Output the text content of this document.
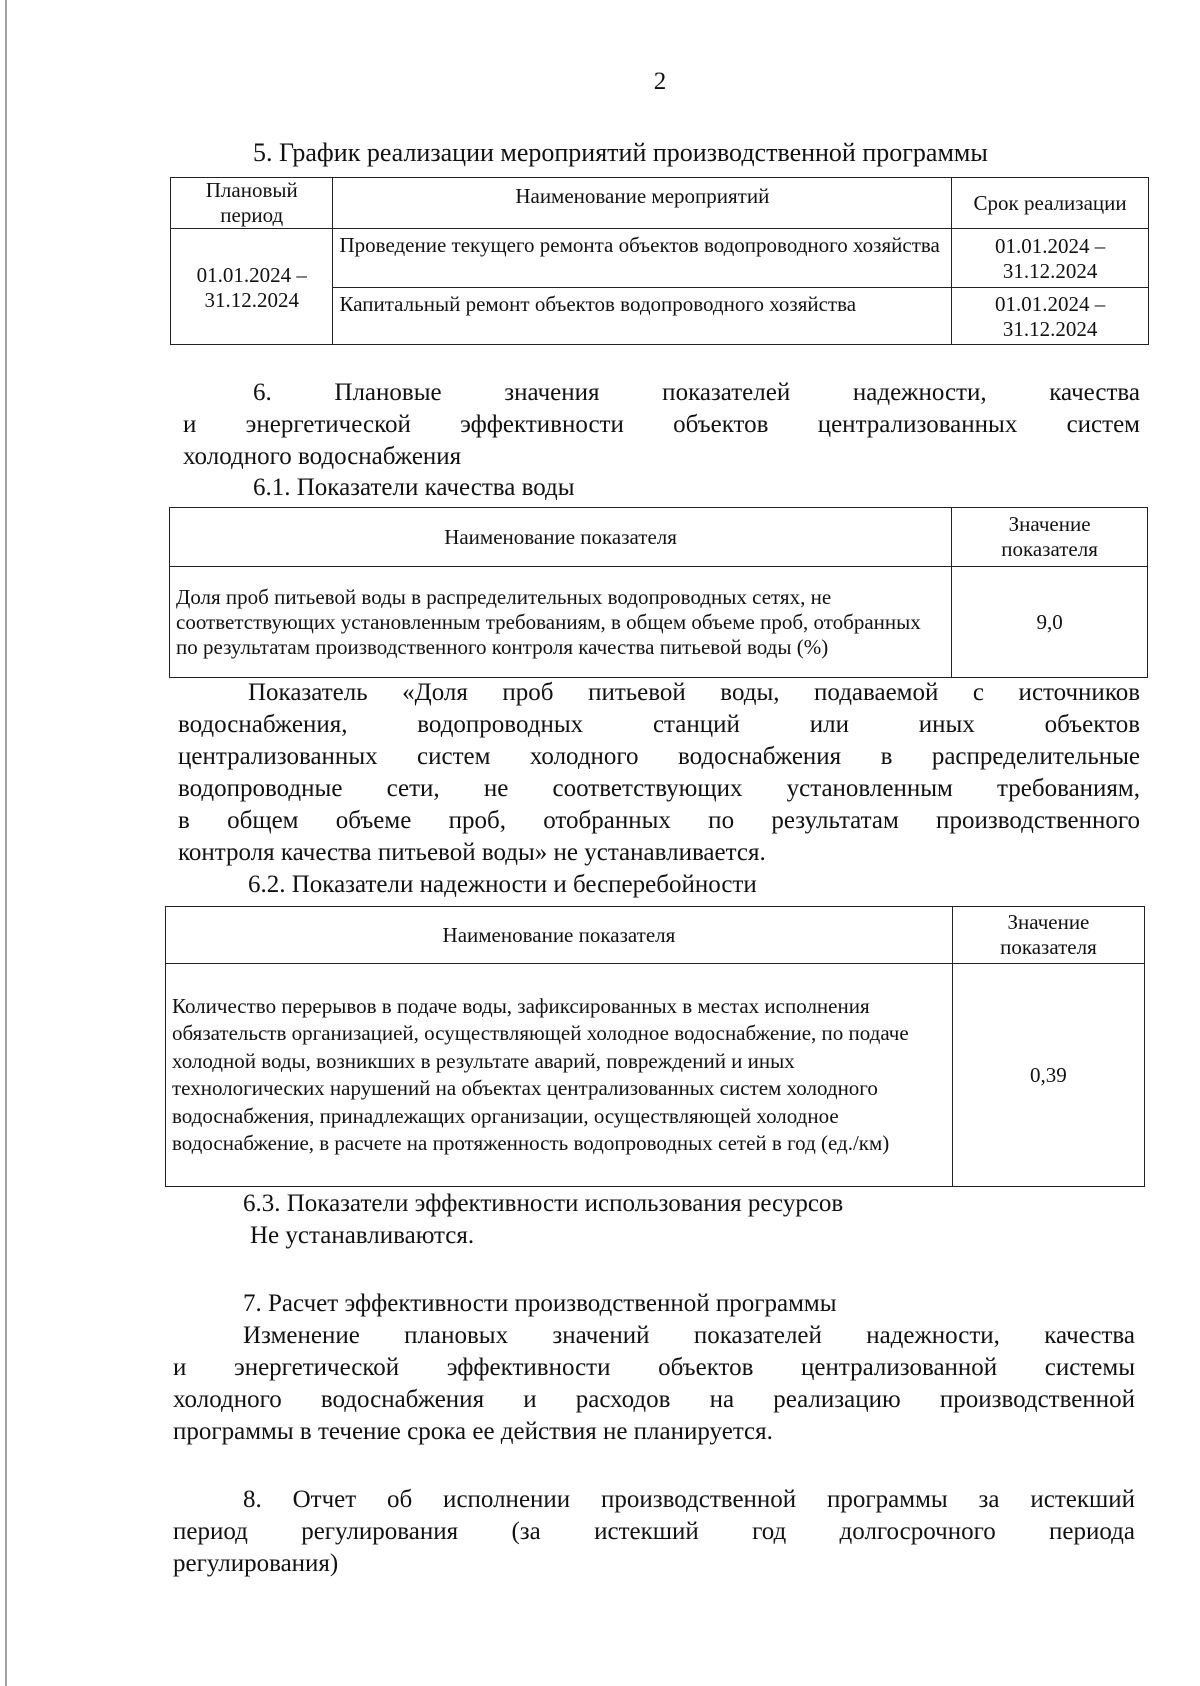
2
5. График реализации мероприятий производственной программы
Плановый период	Наименование мероприятий	Срок реализации
01.01.2024 – 31.12.2024	Проведение текущего ремонта объектов водопроводного хозяйства	01.01.2024 – 31.12.2024

	Капитальный ремонт объектов водопроводного хозяйства	01.01.2024 – 31.12.2024
6. Плановые значения показателей надежности, качества
и энергетической эффективности объектов централизованных систем
холодного водоснабжения
6.1. Показатели качества воды
Наименование показателя	Значение показателя
Доля проб питьевой воды в распределительных водопроводных сетях, не соответствующих установленным требованиям, в общем объеме проб, отобранных по результатам производственного контроля качества питьевой воды (%)	9,0
Показатель «Доля проб питьевой воды, подаваемой с источников
водоснабжения, водопроводных станций или иных объектов
централизованных систем холодного водоснабжения в распределительные
водопроводные сети, не соответствующих установленным требованиям,
в общем объеме проб, отобранных по результатам производственного
контроля качества питьевой воды» не устанавливается.
6.2. Показатели надежности и бесперебойности
Наименование показателя	Значение показателя
Количество перерывов в подаче воды, зафиксированных в местах исполнения обязательств организацией, осуществляющей холодное водоснабжение, по подаче холодной воды, возникших в результате аварий, повреждений и иных технологических нарушений на объектах централизованных систем холодного водоснабжения, принадлежащих организации, осуществляющей холодное водоснабжение, в расчете на протяженность водопроводных сетей в год (ед./км)	0,39
6.3. Показатели эффективности использования ресурсов
Не устанавливаются.
7. Расчет эффективности производственной программы
Изменение плановых значений показателей надежности, качества
и энергетической эффективности объектов централизованной системы
холодного водоснабжения и расходов на реализацию производственной
программы в течение срока ее действия не планируется.
8. Отчет об исполнении производственной программы за истекший
период регулирования (за истекший год долгосрочного периода
регулирования)
